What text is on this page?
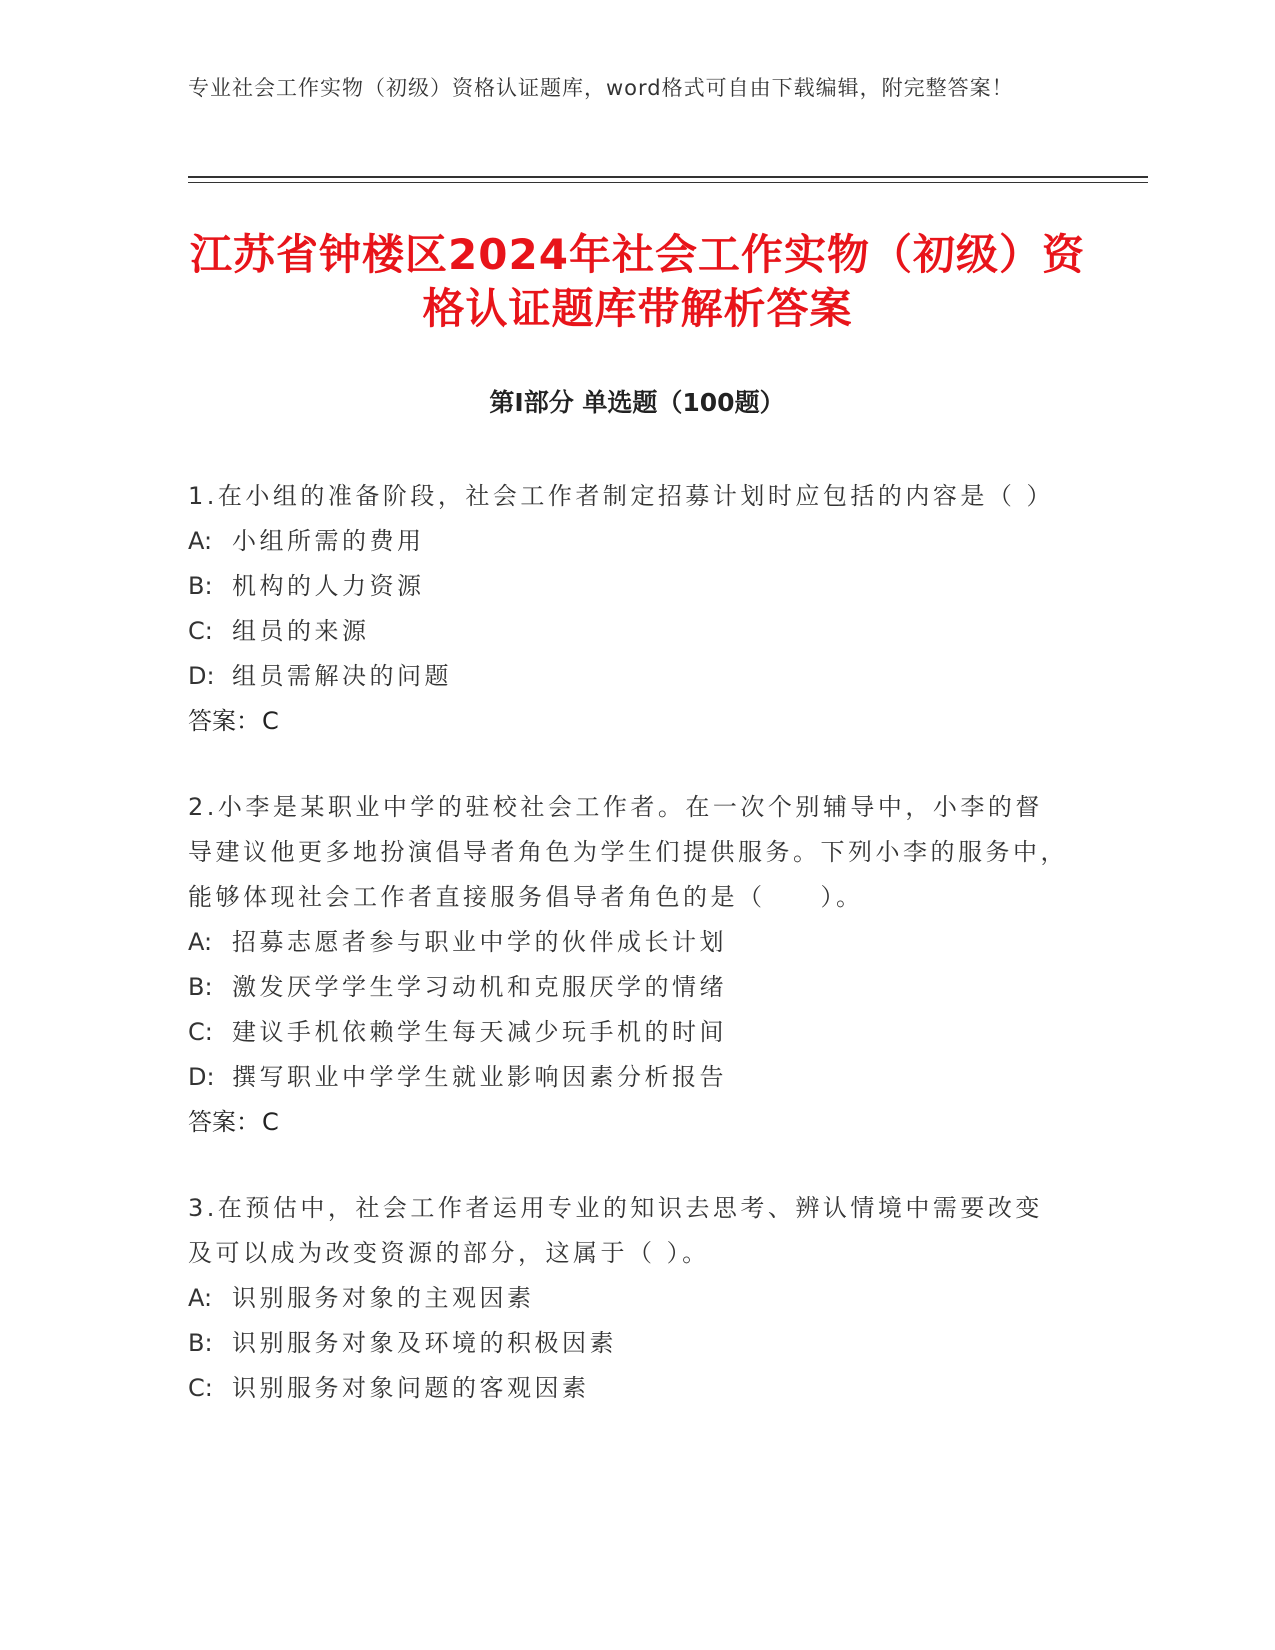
专业社会工作实物（初级）资格认证题库，word格式可自由下载编辑，附完整答案！
江苏省钟楼区2024年社会工作实物（初级）资格认证题库带解析答案
第Ⅰ部分 单选题（100题）

1.在小组的准备阶段，社会工作者制定招募计划时应包括的内容是（ ）

A: 小组所需的费用

B: 机构的人力资源

C: 组员的来源

D: 组员需解决的问题

答案：C

2.小李是某职业中学的驻校社会工作者。在一次个别辅导中，小李的督导建议他更多地扮演倡导者角色为学生们提供服务。下列小李的服务中，能够体现社会工作者直接服务倡导者角色的是（　　）。

A: 招募志愿者参与职业中学的伙伴成长计划

B: 激发厌学学生学习动机和克服厌学的情绪

C: 建议手机依赖学生每天减少玩手机的时间

D: 撰写职业中学学生就业影响因素分析报告

答案：C

3.在预估中，社会工作者运用专业的知识去思考、辨认情境中需要改变及可以成为改变资源的部分，这属于（ ）。

A: 识别服务对象的主观因素

B: 识别服务对象及环境的积极因素

C: 识别服务对象问题的客观因素
